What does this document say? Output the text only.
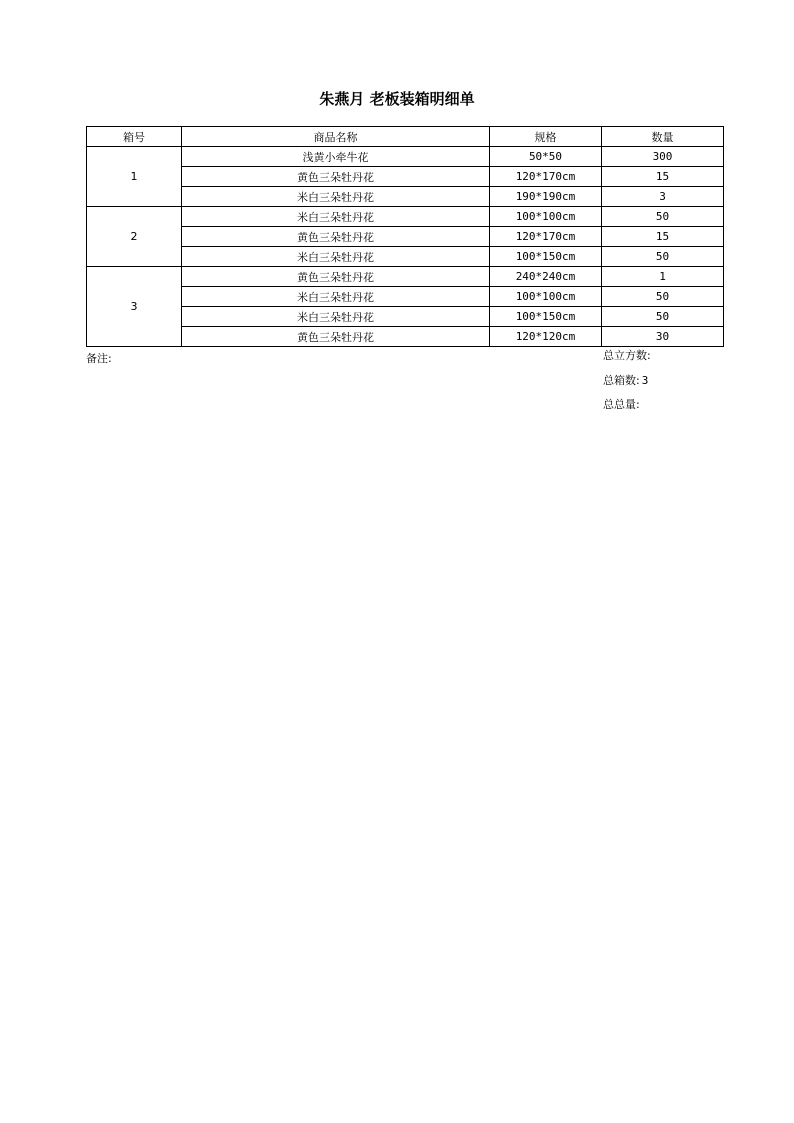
朱燕月 老板装箱明细单
箱号	商品名称	规格	数量
1	浅黄小牵牛花	50*50	300
	黄色三朵牡丹花	120*170cm	15
	米白三朵牡丹花	190*190cm	3
2	米白三朵牡丹花	100*100cm	50
	黄色三朵牡丹花	120*170cm	15
	米白三朵牡丹花	100*150cm	50
3	黄色三朵牡丹花	240*240cm	1
	米白三朵牡丹花	100*100cm	50
	米白三朵牡丹花	100*150cm	50
	黄色三朵牡丹花	120*120cm	30
备注:	总立方数:
总箱数: 3
总总量:
